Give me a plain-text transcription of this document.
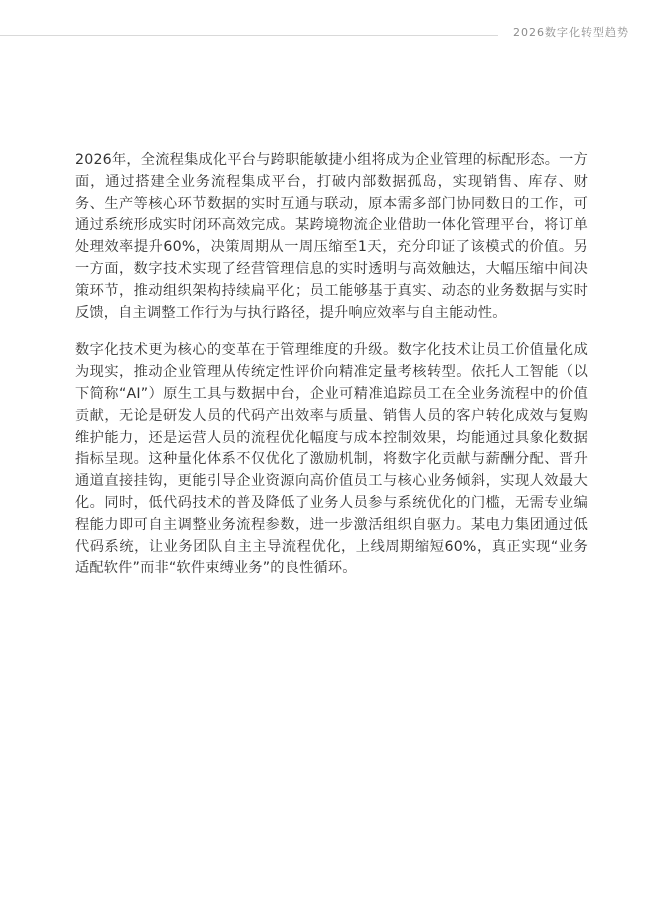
2026数字化转型趋势

2026年，全流程集成化平台与跨职能敏捷小组将成为企业管理的标配形态。一方面，通过搭建全业务流程集成平台，打破内部数据孤岛，实现销售、库存、财务、生产等核心环节数据的实时互通与联动，原本需多部门协同数日的工作，可通过系统形成实时闭环高效完成。某跨境物流企业借助一体化管理平台，将订单处理效率提升60%，决策周期从一周压缩至1天，充分印证了该模式的价值。另一方面，数字技术实现了经营管理信息的实时透明与高效触达，大幅压缩中间决策环节，推动组织架构持续扁平化；员工能够基于真实、动态的业务数据与实时反馈，自主调整工作行为与执行路径，提升响应效率与自主能动性。

数字化技术更为核心的变革在于管理维度的升级。数字化技术让员工价值量化成为现实，推动企业管理从传统定性评价向精准定量考核转型。依托人工智能（以下简称“AI”）原生工具与数据中台，企业可精准追踪员工在全业务流程中的价值贡献，无论是研发人员的代码产出效率与质量、销售人员的客户转化成效与复购维护能力，还是运营人员的流程优化幅度与成本控制效果，均能通过具象化数据指标呈现。这种量化体系不仅优化了激励机制，将数字化贡献与薪酬分配、晋升通道直接挂钩，更能引导企业资源向高价值员工与核心业务倾斜，实现人效最大化。同时，低代码技术的普及降低了业务人员参与系统优化的门槛，无需专业编程能力即可自主调整业务流程参数，进一步激活组织自驱力。某电力集团通过低代码系统，让业务团队自主主导流程优化，上线周期缩短60%，真正实现“业务适配软件”而非“软件束缚业务”的良性循环。
